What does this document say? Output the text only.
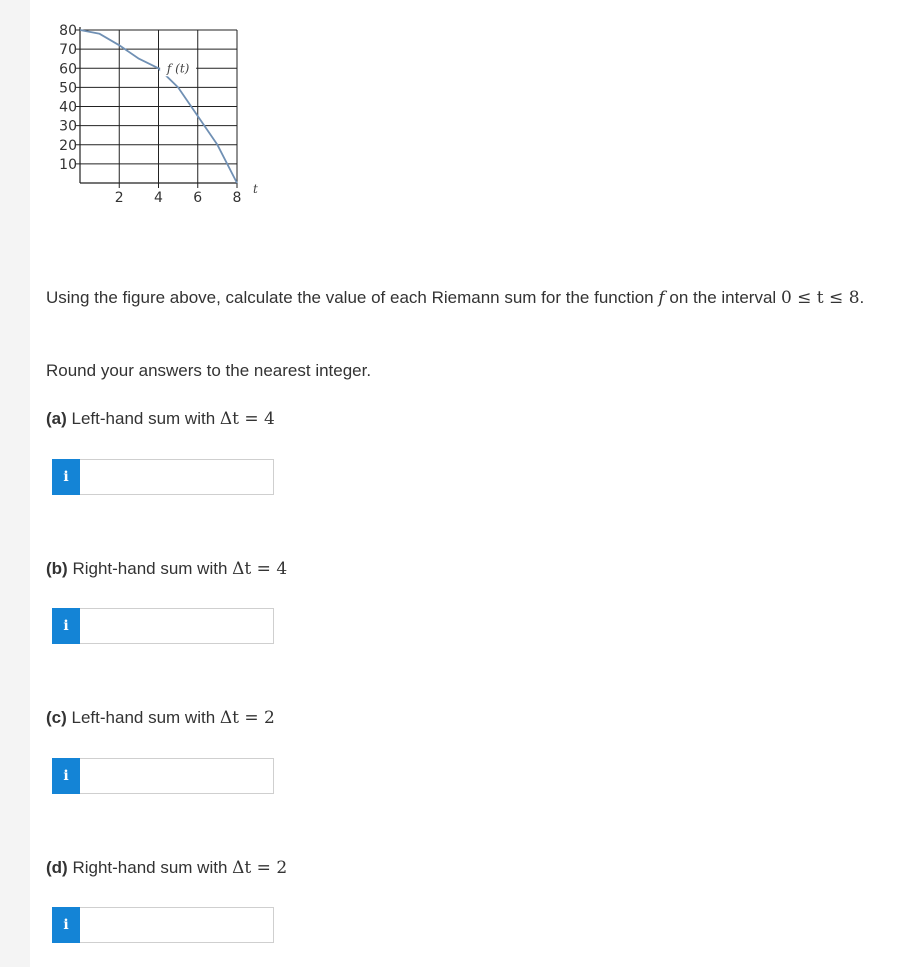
80
70
60
50
40
30
20
10
2 4 6 8
t
f (t)
Using the figure above, calculate the value of each Riemann sum for the function f on the interval 0 ≤ t ≤ 8.
Round your answers to the nearest integer.
(a) Left-hand sum with Δt = 4
i
(b) Right-hand sum with Δt = 4
i
(c) Left-hand sum with Δt = 2
i
(d) Right-hand sum with Δt = 2
i
